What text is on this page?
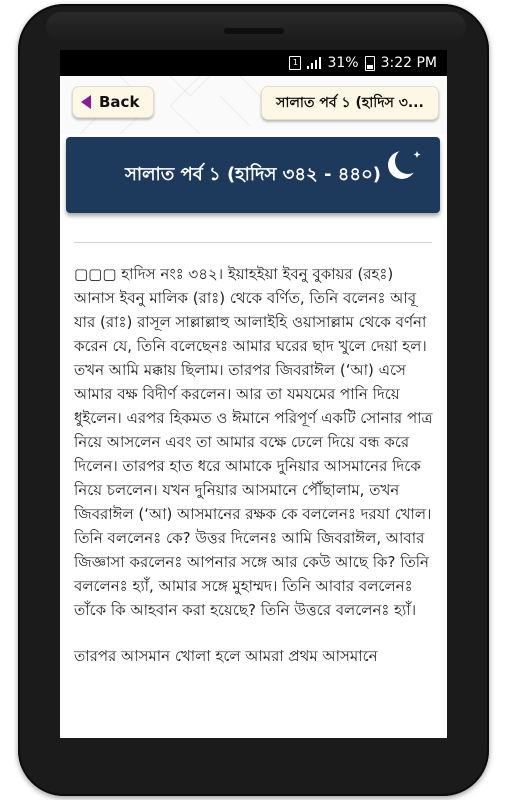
1 31% 3:22 PM
Back	সালাত পর্ব ১ (হাদিস ৩...
সালাত পর্ব ১ (হাদিস ৩৪২ - ৪৪০)

▢▢▢ হাদিস নংঃ ৩৪২। ইয়াহইয়া ইবনু বুকায়র (রহঃ) আনাস ইবনু মালিক (রাঃ) থেকে বর্ণিত, তিনি বলেনঃ আবূ যার (রাঃ) রাসূল সাল্লাল্লাহু আলাইহি ওয়াসাল্লাম থেকে বর্ণনা করেন যে, তিনি বলেছেনঃ আমার ঘরের ছাদ খুলে দেয়া হল। তখন আমি মক্কায় ছিলাম। তারপর জিবরাঈল (‘আ) এসে আমার বক্ষ বিদীর্ণ করলেন। আর তা যমযমের পানি দিয়ে ধুইলেন। এরপর হিকমত ও ঈমানে পরিপূর্ণ একটি সোনার পাত্র নিয়ে আসলেন এবং তা আমার বক্ষে ঢেলে দিয়ে বন্ধ করে দিলেন। তারপর হাত ধরে আমাকে দুনিয়ার আসমানের দিকে নিয়ে চললেন। যখন দুনিয়ার আসমানে পৌঁছালাম, তখন জিবরাঈল (‘আ) আসমানের রক্ষক কে বললেনঃ দরযা খোল। তিনি বললেনঃ কে? উত্তর দিলেনঃ আমি জিবরাঈল, আবার জিজ্ঞাসা করলেনঃ আপনার সঙ্গে আর কেউ আছে কি? তিনি বললেনঃ হ্যাঁ, আমার সঙ্গে মুহাম্মদ। তিনি আবার বললেনঃ তাঁকে কি আহবান করা হয়েছে? তিনি উত্তরে বললেনঃ হ্যাঁ।

তারপর আসমান খোলা হলে আমরা প্রথম আসমানে
